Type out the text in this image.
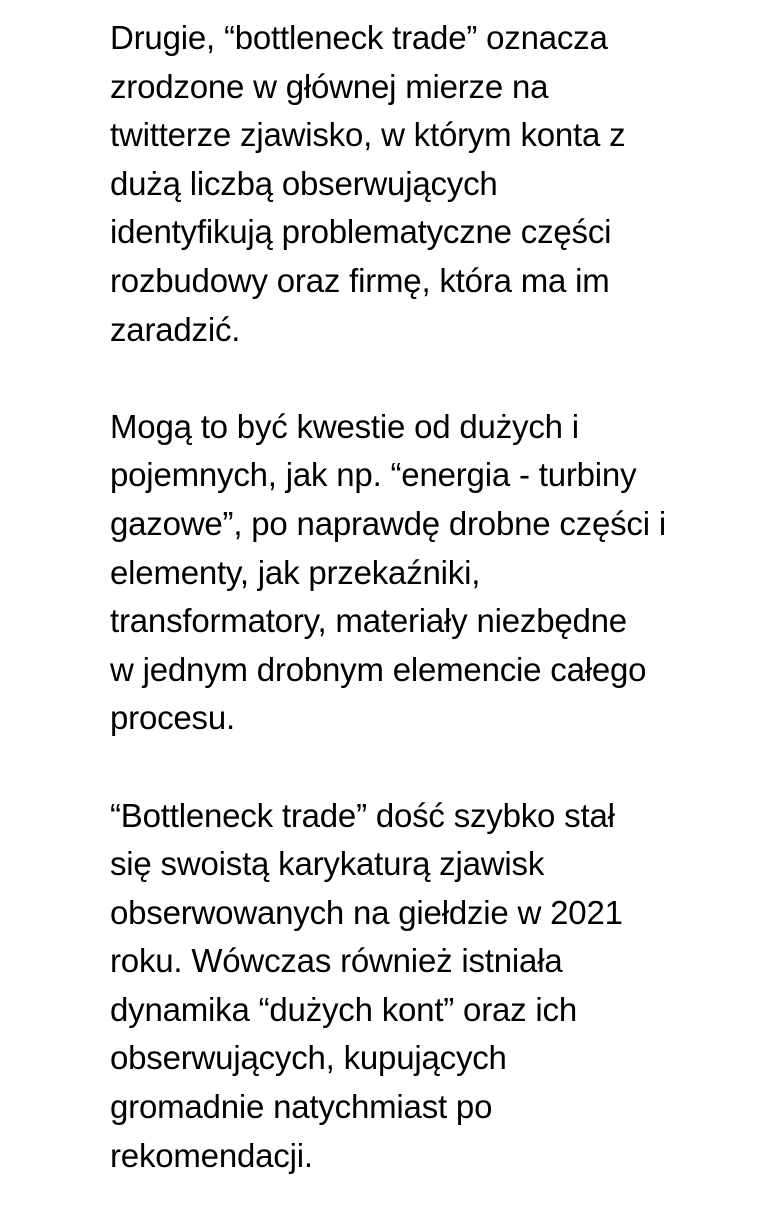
Drugie, “bottleneck trade” oznacza
zrodzone w głównej mierze na
twitterze zjawisko, w którym konta z
dużą liczbą obserwujących
identyfikują problematyczne części
rozbudowy oraz firmę, która ma im
zaradzić.

Mogą to być kwestie od dużych i
pojemnych, jak np. “energia - turbiny
gazowe”, po naprawdę drobne części i
elementy, jak przekaźniki,
transformatory, materiały niezbędne
w jednym drobnym elemencie całego
procesu.

“Bottleneck trade” dość szybko stał
się swoistą karykaturą zjawisk
obserwowanych na giełdzie w 2021
roku. Wówczas również istniała
dynamika “dużych kont” oraz ich
obserwujących, kupujących
gromadnie natychmiast po
rekomendacji.
